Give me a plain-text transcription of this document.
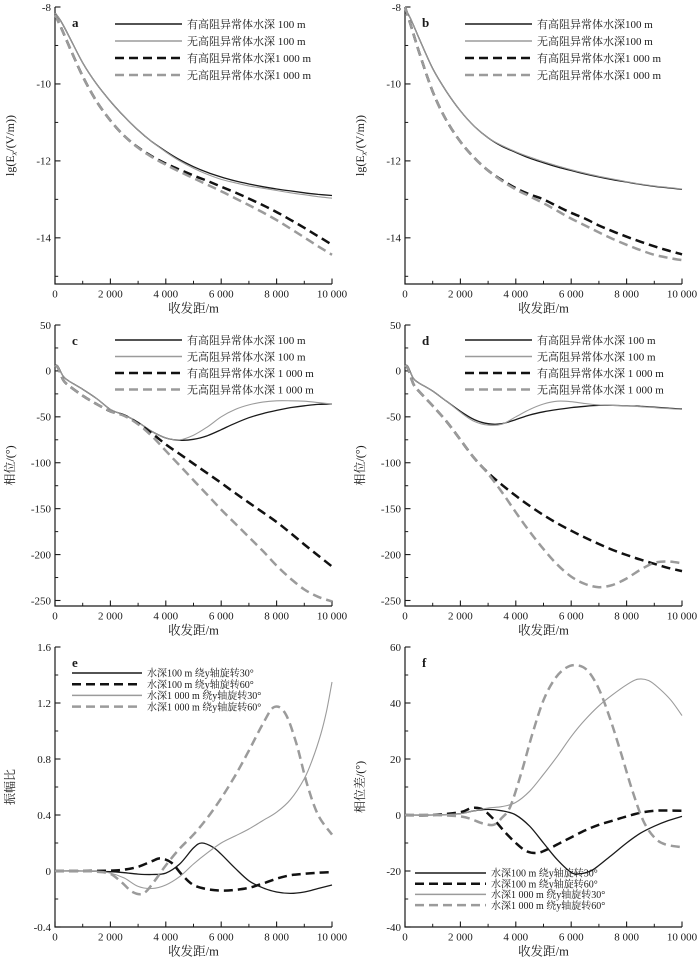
0	2 000	4 000	6 000	8 000	10 000
-8
-10
-12
-14
收发距/m
$\lg(E_x/(V/m))$
a	有高阻异常体水深 100 m
无高阻异常体水深 100 m
有高阻异常体水深1 000 m
无高阻异常体水深1 000 m
0	2 000	4 000	6 000	8 000	10 000
-8
-10
-12
-14
收发距/m
$\lg(E_x/(V/m))$
b	有高阻异常体水深100 m
无高阻异常体水深100 m
有高阻异常体水深1 000 m
无高阻异常体水深1 000 m
0	2 000	4 000	6 000	8 000	10 000
50
0
-50
-100
-150
-200
-250
收发距/m
相位/(°)
c	有高阻异常体水深 100 m
无高阻异常体水深 100 m
有高阻异常体水深 1 000 m
无高阻异常体水深 1 000 m
0	2 000	4 000	6 000	8 000	10 000
50
0
-50
-100
-150
-200
-250
收发距/m
相位/(°)
d	有高阻异常体水深 100 m
无高阻异常体水深 100 m
有高阻异常体水深 1 000 m
无高阻异常体水深 1 000 m
0	2 000	4 000	6 000	8 000	10 000
1.6
1.2
0.8
0.4
0
-0.4
收发距/m
振幅比
e
水深100 m 绕y轴旋转30°
水深100 m 绕y轴旋转60°
水深1 000 m 绕y轴旋转30°
水深1 000 m 绕y轴旋转60°
0	2 000	4 000	6 000	8 000	10 000
60
40
20
0
-20
-40
收发距/m
相位差/(°)
f
水深100 m 绕y轴旋转30°
水深100 m 绕y轴旋转60°
水深1 000 m 绕y轴旋转30°
水深1 000 m 绕y轴旋转60°
